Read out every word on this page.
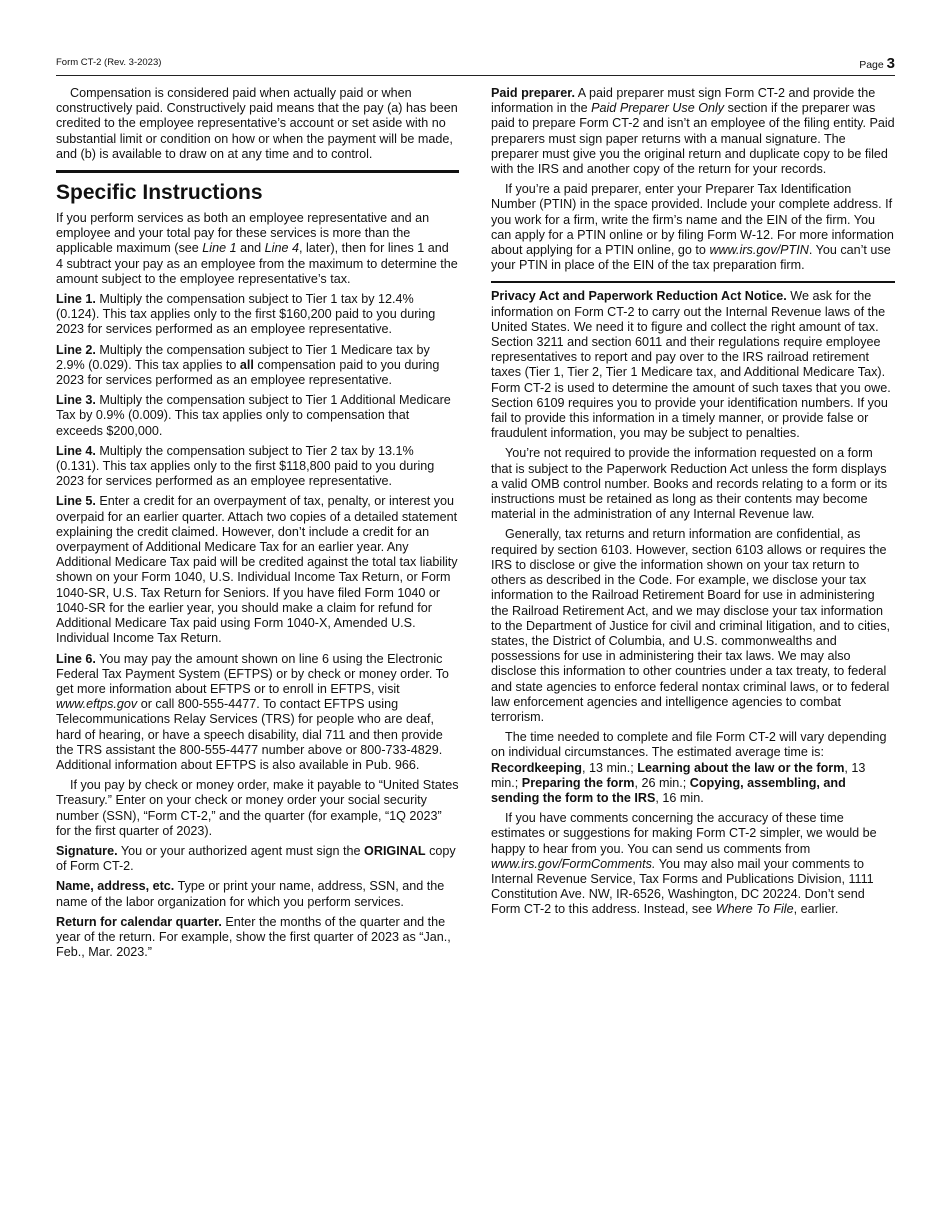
Form CT-2 (Rev. 3-2023)	Page 3

Compensation is considered paid when actually paid or when constructively paid. Constructively paid means that the pay (a) has been credited to the employee representative’s account or set aside with no substantial limit or condition on how or when the payment will be made, and (b) is available to draw on at any time and to control.

Specific Instructions

If you perform services as both an employee representative and an employee and your total pay for these services is more than the applicable maximum (see Line 1 and Line 4, later), then for lines 1 and 4 subtract your pay as an employee from the maximum to determine the amount subject to the employee representative’s tax.

Line 1. Multiply the compensation subject to Tier 1 tax by 12.4% (0.124). This tax applies only to the first $160,200 paid to you during 2023 for services performed as an employee representative.

Line 2. Multiply the compensation subject to Tier 1 Medicare tax by 2.9% (0.029). This tax applies to all compensation paid to you during 2023 for services performed as an employee representative.

Line 3. Multiply the compensation subject to Tier 1 Additional Medicare Tax by 0.9% (0.009). This tax applies only to compensation that exceeds $200,000.

Line 4. Multiply the compensation subject to Tier 2 tax by 13.1% (0.131). This tax applies only to the first $118,800 paid to you during 2023 for services performed as an employee representative.

Line 5. Enter a credit for an overpayment of tax, penalty, or interest you overpaid for an earlier quarter. Attach two copies of a detailed statement explaining the credit claimed. However, don’t include a credit for an overpayment of Additional Medicare Tax for an earlier year. Any Additional Medicare Tax paid will be credited against the total tax liability shown on your Form 1040, U.S. Individual Income Tax Return, or Form 1040-SR, U.S. Tax Return for Seniors. If you have filed Form 1040 or 1040-SR for the earlier year, you should make a claim for refund for Additional Medicare Tax paid using Form 1040-X, Amended U.S. Individual Income Tax Return.

Line 6. You may pay the amount shown on line 6 using the Electronic Federal Tax Payment System (EFTPS) or by check or money order. To get more information about EFTPS or to enroll in EFTPS, visit www.eftps.gov or call 800-555-4477. To contact EFTPS using Telecommunications Relay Services (TRS) for people who are deaf, hard of hearing, or have a speech disability, dial 711 and then provide the TRS assistant the 800-555-4477 number above or 800-733-4829. Additional information about EFTPS is also available in Pub. 966.

If you pay by check or money order, make it payable to “United States Treasury.” Enter on your check or money order your social security number (SSN), “Form CT-2,” and the quarter (for example, “1Q 2023” for the first quarter of 2023).

Signature. You or your authorized agent must sign the ORIGINAL copy of Form CT-2.

Name, address, etc. Type or print your name, address, SSN, and the name of the labor organization for which you perform services.

Return for calendar quarter. Enter the months of the quarter and the year of the return. For example, show the first quarter of 2023 as “Jan., Feb., Mar. 2023.”

Paid preparer. A paid preparer must sign Form CT-2 and provide the information in the Paid Preparer Use Only section if the preparer was paid to prepare Form CT-2 and isn’t an employee of the filing entity. Paid preparers must sign paper returns with a manual signature. The preparer must give you the original return and duplicate copy to be filed with the IRS and another copy of the return for your records.

If you’re a paid preparer, enter your Preparer Tax Identification Number (PTIN) in the space provided. Include your complete address. If you work for a firm, write the firm’s name and the EIN of the firm. You can apply for a PTIN online or by filing Form W-12. For more information about applying for a PTIN online, go to www.irs.gov/PTIN. You can’t use your PTIN in place of the EIN of the tax preparation firm.

Privacy Act and Paperwork Reduction Act Notice. We ask for the information on Form CT-2 to carry out the Internal Revenue laws of the United States. We need it to figure and collect the right amount of tax. Section 3211 and section 6011 and their regulations require employee representatives to report and pay over to the IRS railroad retirement taxes (Tier 1, Tier 2, Tier 1 Medicare tax, and Additional Medicare Tax). Form CT-2 is used to determine the amount of such taxes that you owe. Section 6109 requires you to provide your identification numbers. If you fail to provide this information in a timely manner, or provide false or fraudulent information, you may be subject to penalties.

You’re not required to provide the information requested on a form that is subject to the Paperwork Reduction Act unless the form displays a valid OMB control number. Books and records relating to a form or its instructions must be retained as long as their contents may become material in the administration of any Internal Revenue law.

Generally, tax returns and return information are confidential, as required by section 6103. However, section 6103 allows or requires the IRS to disclose or give the information shown on your tax return to others as described in the Code. For example, we disclose your tax information to the Railroad Retirement Board for use in administering the Railroad Retirement Act, and we may disclose your tax information to the Department of Justice for civil and criminal litigation, and to cities, states, the District of Columbia, and U.S. commonwealths and possessions for use in administering their tax laws. We may also disclose this information to other countries under a tax treaty, to federal and state agencies to enforce federal nontax criminal laws, or to federal law enforcement agencies and intelligence agencies to combat terrorism.

The time needed to complete and file Form CT-2 will vary depending on individual circumstances. The estimated average time is: Recordkeeping, 13 min.; Learning about the law or the form, 13 min.; Preparing the form, 26 min.; Copying, assembling, and sending the form to the IRS, 16 min.

If you have comments concerning the accuracy of these time estimates or suggestions for making Form CT-2 simpler, we would be happy to hear from you. You can send us comments from www.irs.gov/FormComments. You may also mail your comments to Internal Revenue Service, Tax Forms and Publications Division, 1111 Constitution Ave. NW, IR-6526, Washington, DC 20224. Don’t send Form CT-2 to this address. Instead, see Where To File, earlier.
